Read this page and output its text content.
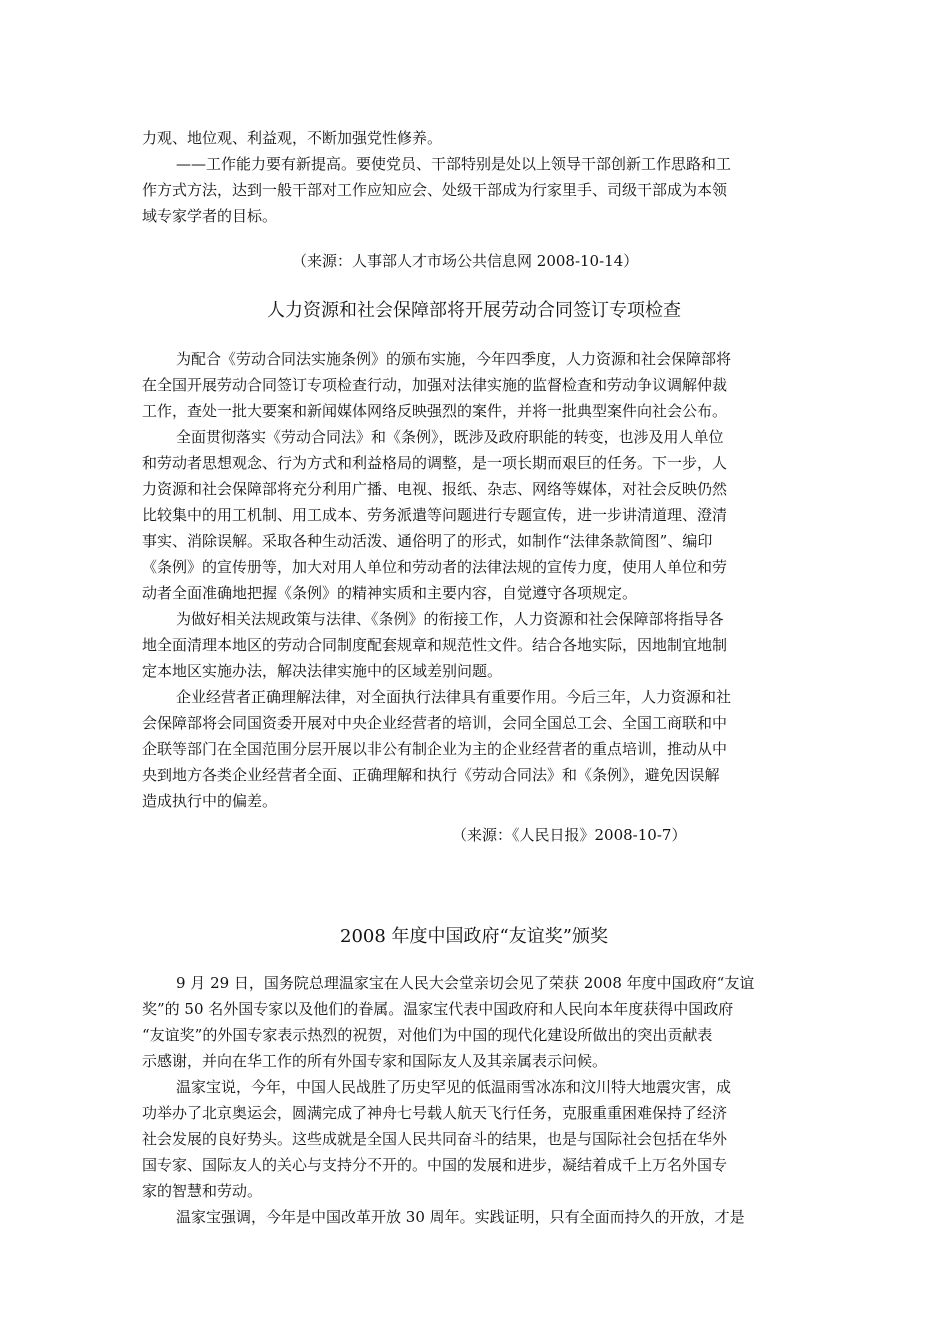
力观、地位观、利益观，不断加强党性修养。
——工作能力要有新提高。要使党员、干部特别是处以上领导干部创新工作思路和工
作方式方法，达到一般干部对工作应知应会、处级干部成为行家里手、司级干部成为本领
域专家学者的目标。
（来源：人事部人才市场公共信息网 2008-10-14）
人力资源和社会保障部将开展劳动合同签订专项检查
为配合《劳动合同法实施条例》的颁布实施，今年四季度，人力资源和社会保障部将
在全国开展劳动合同签订专项检查行动，加强对法律实施的监督检查和劳动争议调解仲裁
工作，查处一批大要案和新闻媒体网络反映强烈的案件，并将一批典型案件向社会公布。
全面贯彻落实《劳动合同法》和《条例》，既涉及政府职能的转变，也涉及用人单位
和劳动者思想观念、行为方式和利益格局的调整，是一项长期而艰巨的任务。下一步，人
力资源和社会保障部将充分利用广播、电视、报纸、杂志、网络等媒体，对社会反映仍然
比较集中的用工机制、用工成本、劳务派遣等问题进行专题宣传，进一步讲清道理、澄清
事实、消除误解。采取各种生动活泼、通俗明了的形式，如制作“法律条款简图”、编印
《条例》的宣传册等，加大对用人单位和劳动者的法律法规的宣传力度，使用人单位和劳
动者全面准确地把握《条例》的精神实质和主要内容，自觉遵守各项规定。
为做好相关法规政策与法律、《条例》的衔接工作，人力资源和社会保障部将指导各
地全面清理本地区的劳动合同制度配套规章和规范性文件。结合各地实际，因地制宜地制
定本地区实施办法，解决法律实施中的区域差别问题。
企业经营者正确理解法律，对全面执行法律具有重要作用。今后三年，人力资源和社
会保障部将会同国资委开展对中央企业经营者的培训，会同全国总工会、全国工商联和中
企联等部门在全国范围分层开展以非公有制企业为主的企业经营者的重点培训，推动从中
央到地方各类企业经营者全面、正确理解和执行《劳动合同法》和《条例》，避免因误解
造成执行中的偏差。
（来源：《人民日报》2008-10-7）
2008 年度中国政府“友谊奖”颁奖
9 月 29 日，国务院总理温家宝在人民大会堂亲切会见了荣获 2008 年度中国政府“友谊
奖”的 50 名外国专家以及他们的眷属。温家宝代表中国政府和人民向本年度获得中国政府
“友谊奖”的外国专家表示热烈的祝贺，对他们为中国的现代化建设所做出的突出贡献表
示感谢，并向在华工作的所有外国专家和国际友人及其亲属表示问候。
温家宝说，今年，中国人民战胜了历史罕见的低温雨雪冰冻和汶川特大地震灾害，成
功举办了北京奥运会，圆满完成了神舟七号载人航天飞行任务，克服重重困难保持了经济
社会发展的良好势头。这些成就是全国人民共同奋斗的结果，也是与国际社会包括在华外
国专家、国际友人的关心与支持分不开的。中国的发展和进步，凝结着成千上万名外国专
家的智慧和劳动。
温家宝强调，今年是中国改革开放 30 周年。实践证明，只有全面而持久的开放，才是
